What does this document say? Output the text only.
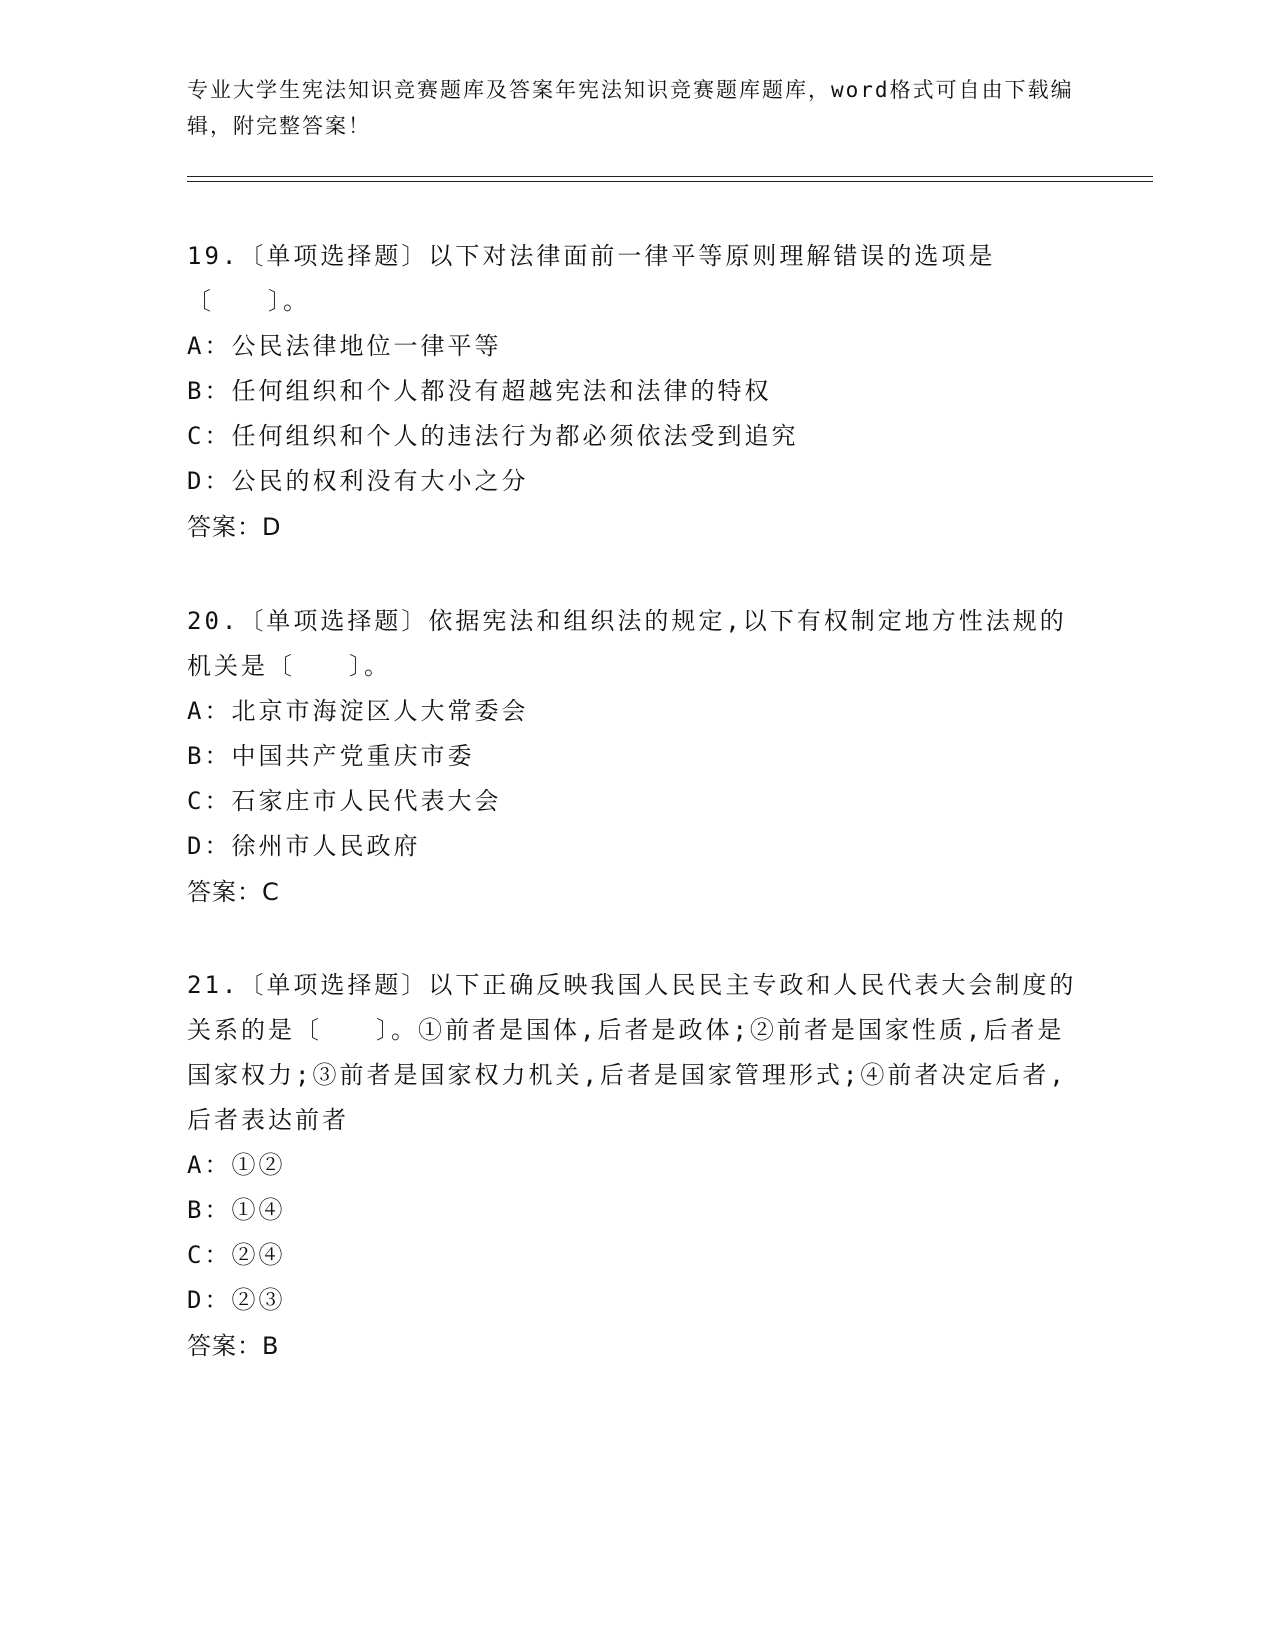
专业大学生宪法知识竞赛题库及答案年宪法知识竞赛题库题库，word格式可自由下载编辑，附完整答案！
19.〔单项选择题〕以下对法律面前一律平等原则理解错误的选项是〔　　〕。
A：公民法律地位一律平等
B：任何组织和个人都没有超越宪法和法律的特权
C：任何组织和个人的违法行为都必须依法受到追究
D：公民的权利没有大小之分
答案：D
20.〔单项选择题〕依据宪法和组织法的规定,以下有权制定地方性法规的机关是〔　　〕。
A：北京市海淀区人大常委会
B：中国共产党重庆市委
C：石家庄市人民代表大会
D：徐州市人民政府
答案：C
21.〔单项选择题〕以下正确反映我国人民民主专政和人民代表大会制度的关系的是〔　　〕。①前者是国体,后者是政体;②前者是国家性质,后者是国家权力;③前者是国家权力机关,后者是国家管理形式;④前者决定后者,后者表达前者
A：①②
B：①④
C：②④
D：②③
答案：B
